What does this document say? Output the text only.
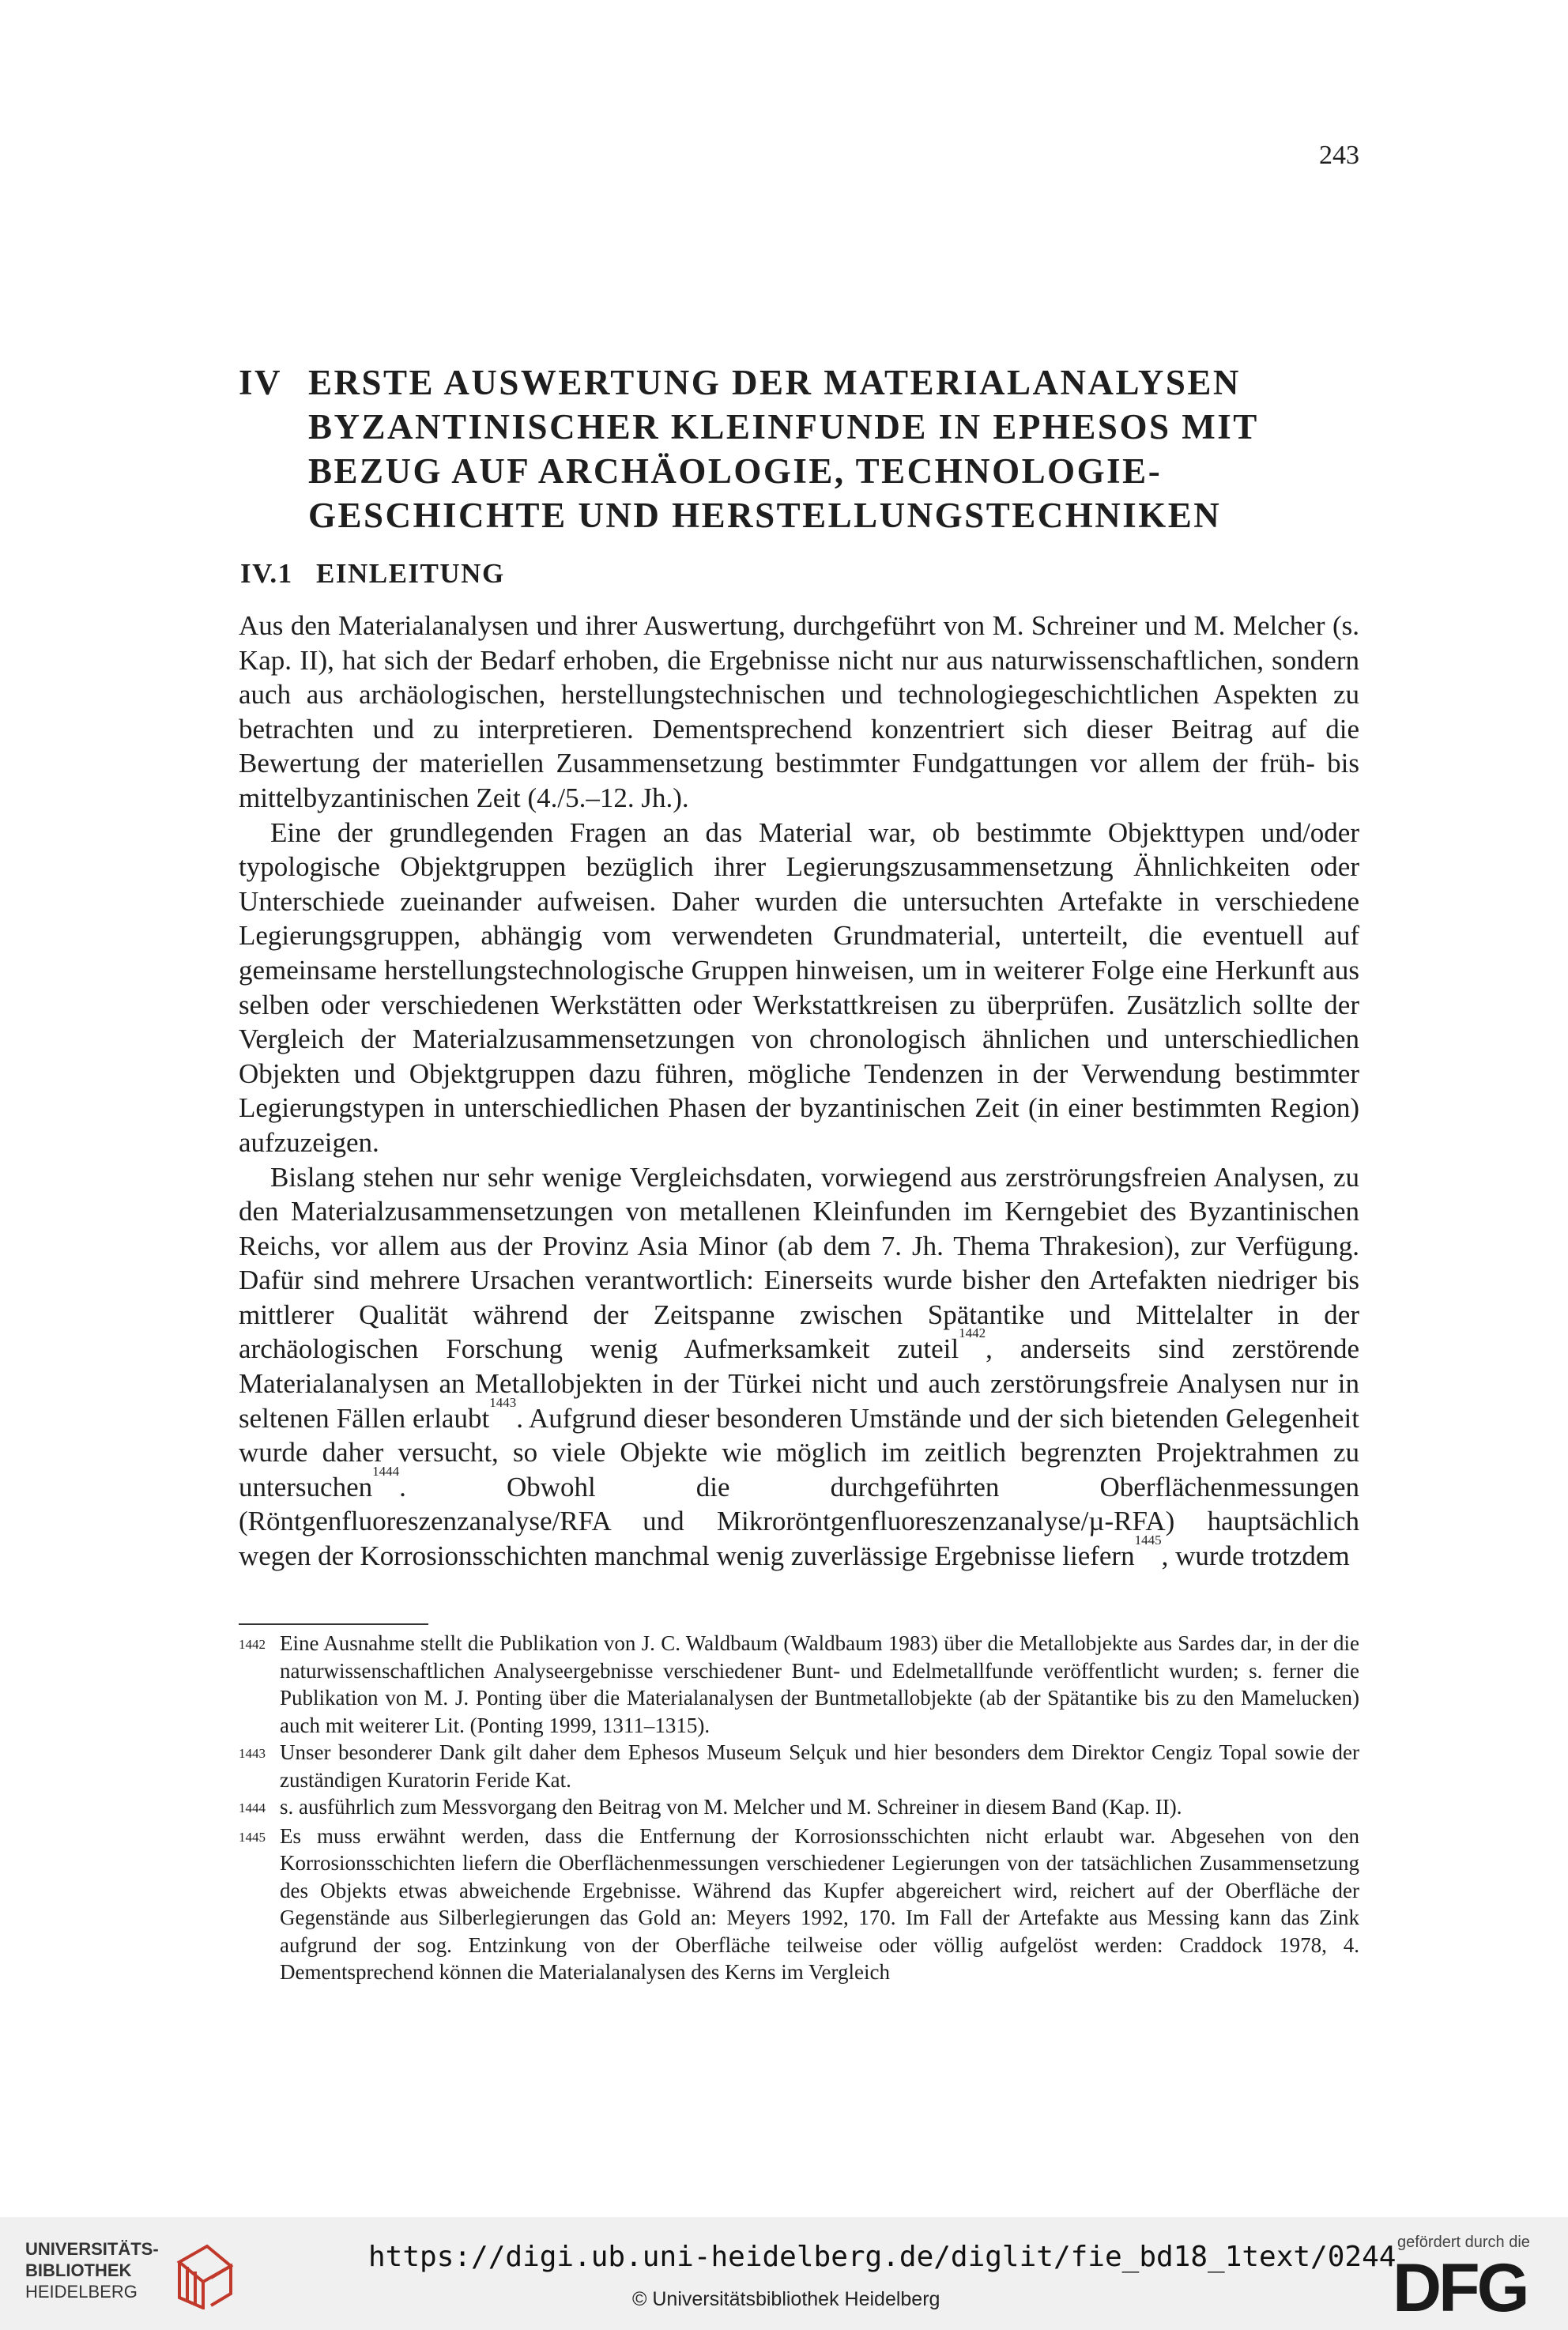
243
IV ERSTE AUSWERTUNG DER MATERIALANALYSEN
BYZANTINISCHER KLEINFUNDE IN EPHESOS MIT
BEZUG AUF ARCHÄOLOGIE, TECHNOLOGIE-
GESCHICHTE UND HERSTELLUNGSTECHNIKEN
IV.1 EINLEITUNG

Aus den Materialanalysen und ihrer Auswertung, durchgeführt von M. Schreiner und M. Melcher (s. Kap. II), hat sich der Bedarf erhoben, die Ergebnisse nicht nur aus naturwissenschaftlichen, sondern auch aus archäologischen, herstellungstechnischen und technologiegeschichtlichen Aspekten zu betrachten und zu interpretieren. Dementsprechend konzentriert sich dieser Beitrag auf die Bewertung der materiellen Zusammensetzung bestimmter Fundgattungen vor allem der früh- bis mittelbyzantinischen Zeit (4./5.–12. Jh.).

Eine der grundlegenden Fragen an das Material war, ob bestimmte Objekttypen und/oder typologische Objektgruppen bezüglich ihrer Legierungszusammensetzung Ähnlichkeiten oder Unterschiede zueinander aufweisen. Daher wurden die untersuchten Artefakte in verschiedene Legierungsgruppen, abhängig vom verwendeten Grundmaterial, unterteilt, die eventuell auf gemeinsame herstellungstechnologische Gruppen hinweisen, um in weiterer Folge eine Herkunft aus selben oder verschiedenen Werkstätten oder Werkstattkreisen zu überprüfen. Zusätzlich sollte der Vergleich der Materialzusammensetzungen von chronologisch ähnlichen und unterschiedlichen Objekten und Objektgruppen dazu führen, mögliche Tendenzen in der Verwendung bestimmter Legierungstypen in unterschiedlichen Phasen der byzantinischen Zeit (in einer bestimmten Region) aufzuzeigen.

Bislang stehen nur sehr wenige Vergleichsdaten, vorwiegend aus zerströrungsfreien Analysen, zu den Materialzusammensetzungen von metallenen Kleinfunden im Kerngebiet des Byzantinischen Reichs, vor allem aus der Provinz Asia Minor (ab dem 7. Jh. Thema Thrakesion), zur Verfügung. Dafür sind mehrere Ursachen verantwortlich: Einerseits wurde bisher den Artefakten niedriger bis mittlerer Qualität während der Zeitspanne zwischen Spätantike und Mittelalter in der archäologischen Forschung wenig Aufmerksamkeit zuteil$^{1442}$, anderseits sind zerstörende Materialanalysen an Metallobjekten in der Türkei nicht und auch zerstörungsfreie Analysen nur in seltenen Fällen erlaubt$^{1443}$. Aufgrund dieser besonderen Umstände und der sich bietenden Gelegenheit wurde daher versucht, so viele Objekte wie möglich im zeitlich begrenzten Projektrahmen zu untersuchen$^{1444}$. Obwohl die durchgeführten Oberflächenmessungen (Röntgenfluoreszenzanalyse/RFA und Mikroröntgenfluoreszenzanalyse/µ-RFA) hauptsächlich wegen der Korrosionsschichten manchmal wenig zuverlässige Ergebnisse liefern$^{1445}$, wurde trotzdem

1442 Eine Ausnahme stellt die Publikation von J. C. Waldbaum (Waldbaum 1983) über die Metallobjekte aus Sardes dar, in der die naturwissenschaftlichen Analyseergebnisse verschiedener Bunt- und Edelmetallfunde veröffentlicht wurden; s. ferner die Publikation von M. J. Ponting über die Materialanalysen der Buntmetallobjekte (ab der Spätantike bis zu den Mamelucken) auch mit weiterer Lit. (Ponting 1999, 1311–1315).
1443 Unser besonderer Dank gilt daher dem Ephesos Museum Selçuk und hier besonders dem Direktor Cengiz Topal sowie der zuständigen Kuratorin Feride Kat.
1444 s. ausführlich zum Messvorgang den Beitrag von M. Melcher und M. Schreiner in diesem Band (Kap. II).
1445 Es muss erwähnt werden, dass die Entfernung der Korrosionsschichten nicht erlaubt war. Abgesehen von den Korrosionsschichten liefern die Oberflächenmessungen verschiedener Legierungen von der tatsächlichen Zusammensetzung des Objekts etwas abweichende Ergebnisse. Während das Kupfer abgereichert wird, reichert auf der Oberfläche der Gegenstände aus Silberlegierungen das Gold an: Meyers 1992, 170. Im Fall der Artefakte aus Messing kann das Zink aufgrund der sog. Entzinkung von der Oberfläche teilweise oder völlig aufgelöst werden: Craddock 1978, 4. Dementsprechend können die Materialanalysen des Kerns im Vergleich
UNIVERSITÄTS-
BIBLIOTHEK
HEIDELBERG
https://digi.ub.uni-heidelberg.de/diglit/fie_bd18_1text/0244
© Universitätsbibliothek Heidelberg
gefördert durch die
DFG
